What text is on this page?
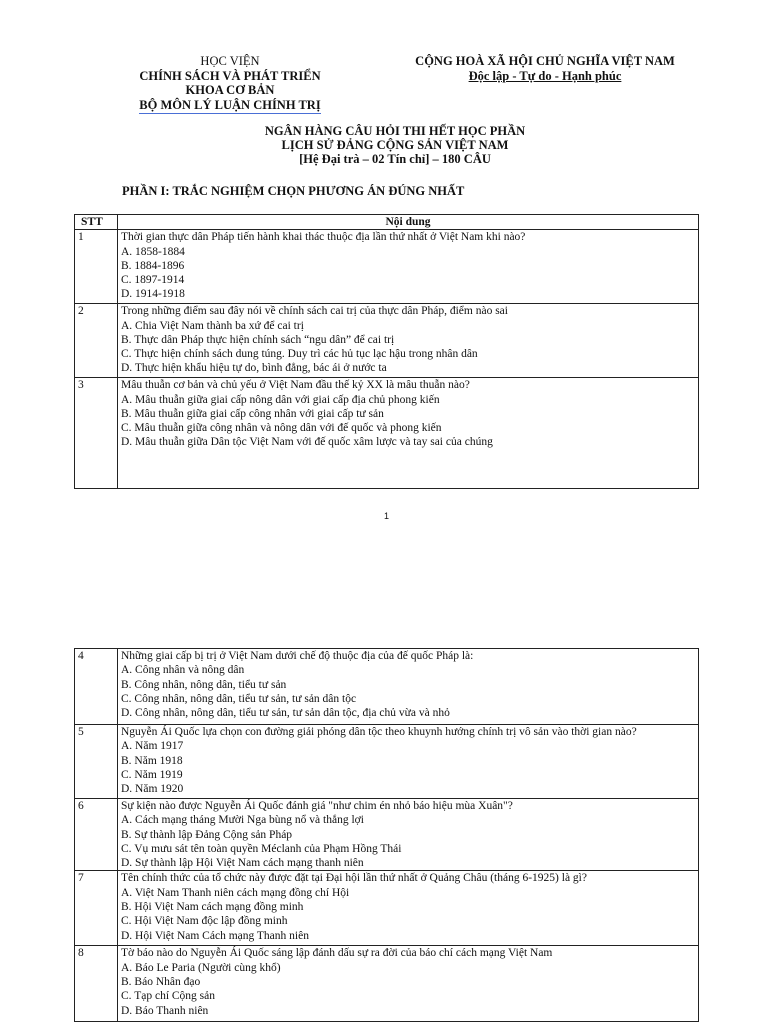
HỌC VIỆN
CHÍNH SÁCH VÀ PHÁT TRIỂN
KHOA CƠ BẢN
BỘ MÔN LÝ LUẬN CHÍNH TRỊ
CỘNG HOÀ XÃ HỘI CHỦ NGHĨA VIỆT NAM
Độc lập - Tự do - Hạnh phúc
NGÂN HÀNG CÂU HỎI THI HẾT HỌC PHẦN
LỊCH SỬ ĐẢNG CỘNG SẢN VIỆT NAM
[Hệ Đại trà – 02 Tín chỉ] – 180 CÂU
PHẦN I: TRẮC NGHIỆM CHỌN PHƯƠNG ÁN ĐÚNG NHẤT
STT	Nội dung
1	Thời gian thực dân Pháp tiến hành khai thác thuộc địa lần thứ nhất ở Việt Nam khi nào?
A. 1858-1884
B. 1884-1896
C. 1897-1914
D. 1914-1918

2	Trong những điểm sau đây nói về chính sách cai trị của thực dân Pháp, điểm nào sai
A. Chia Việt Nam thành ba xứ để cai trị
B. Thực dân Pháp thực hiện chính sách “ngu dân” để cai trị
C. Thực hiện chính sách dung túng. Duy trì các hủ tục lạc hậu trong nhân dân
D. Thực hiện khẩu hiệu tự do, bình đẳng, bác ái ở nước ta

3	Mâu thuẫn cơ bản và chủ yếu ở Việt Nam đầu thế kỷ XX là mâu thuẫn nào?
A. Mâu thuẫn giữa giai cấp nông dân với giai cấp địa chủ phong kiến
B. Mâu thuẫn giữa giai cấp công nhân với giai cấp tư sản
C. Mâu thuẫn giữa công nhân và nông dân với đế quốc và phong kiến
D. Mâu thuẫn giữa Dân tộc Việt Nam với đế quốc xâm lược và tay sai của chúng
1
4	Những giai cấp bị trị ở Việt Nam dưới chế độ thuộc địa của đế quốc Pháp là:
A. Công nhân và nông dân
B. Công nhân, nông dân, tiểu tư sản
C. Công nhân, nông dân, tiểu tư sản, tư sản dân tộc
D. Công nhân, nông dân, tiểu tư sản, tư sản dân tộc, địa chủ vừa và nhỏ

5	Nguyễn Ái Quốc lựa chọn con đường giải phóng dân tộc theo khuynh hướng chính trị vô sản vào thời gian nào?
A. Năm 1917
B. Năm 1918
C. Năm 1919
D. Năm 1920

6	Sự kiện nào được Nguyễn Ái Quốc đánh giá "như chim én nhỏ báo hiệu mùa Xuân"?
A. Cách mạng tháng Mười Nga bùng nổ và thắng lợi
B. Sự thành lập Đảng Cộng sản Pháp
C. Vụ mưu sát tên toàn quyền Méclanh của Phạm Hồng Thái
D. Sự thành lập Hội Việt Nam cách mạng thanh niên

7	Tên chính thức của tổ chức này được đặt tại Đại hội lần thứ nhất ở Quảng Châu (tháng 6-1925) là gì?
A. Việt Nam Thanh niên cách mạng đồng chí Hội
B. Hội Việt Nam cách mạng đồng minh
C. Hội Việt Nam độc lập đồng minh
D. Hội Việt Nam Cách mạng Thanh niên

8	Tờ báo nào do Nguyễn Ái Quốc sáng lập đánh dấu sự ra đời của báo chí cách mạng Việt Nam
A. Báo Le Paria (Người cùng khổ)
B. Báo Nhân đạo
C. Tạp chí Cộng sản
D. Báo Thanh niên
